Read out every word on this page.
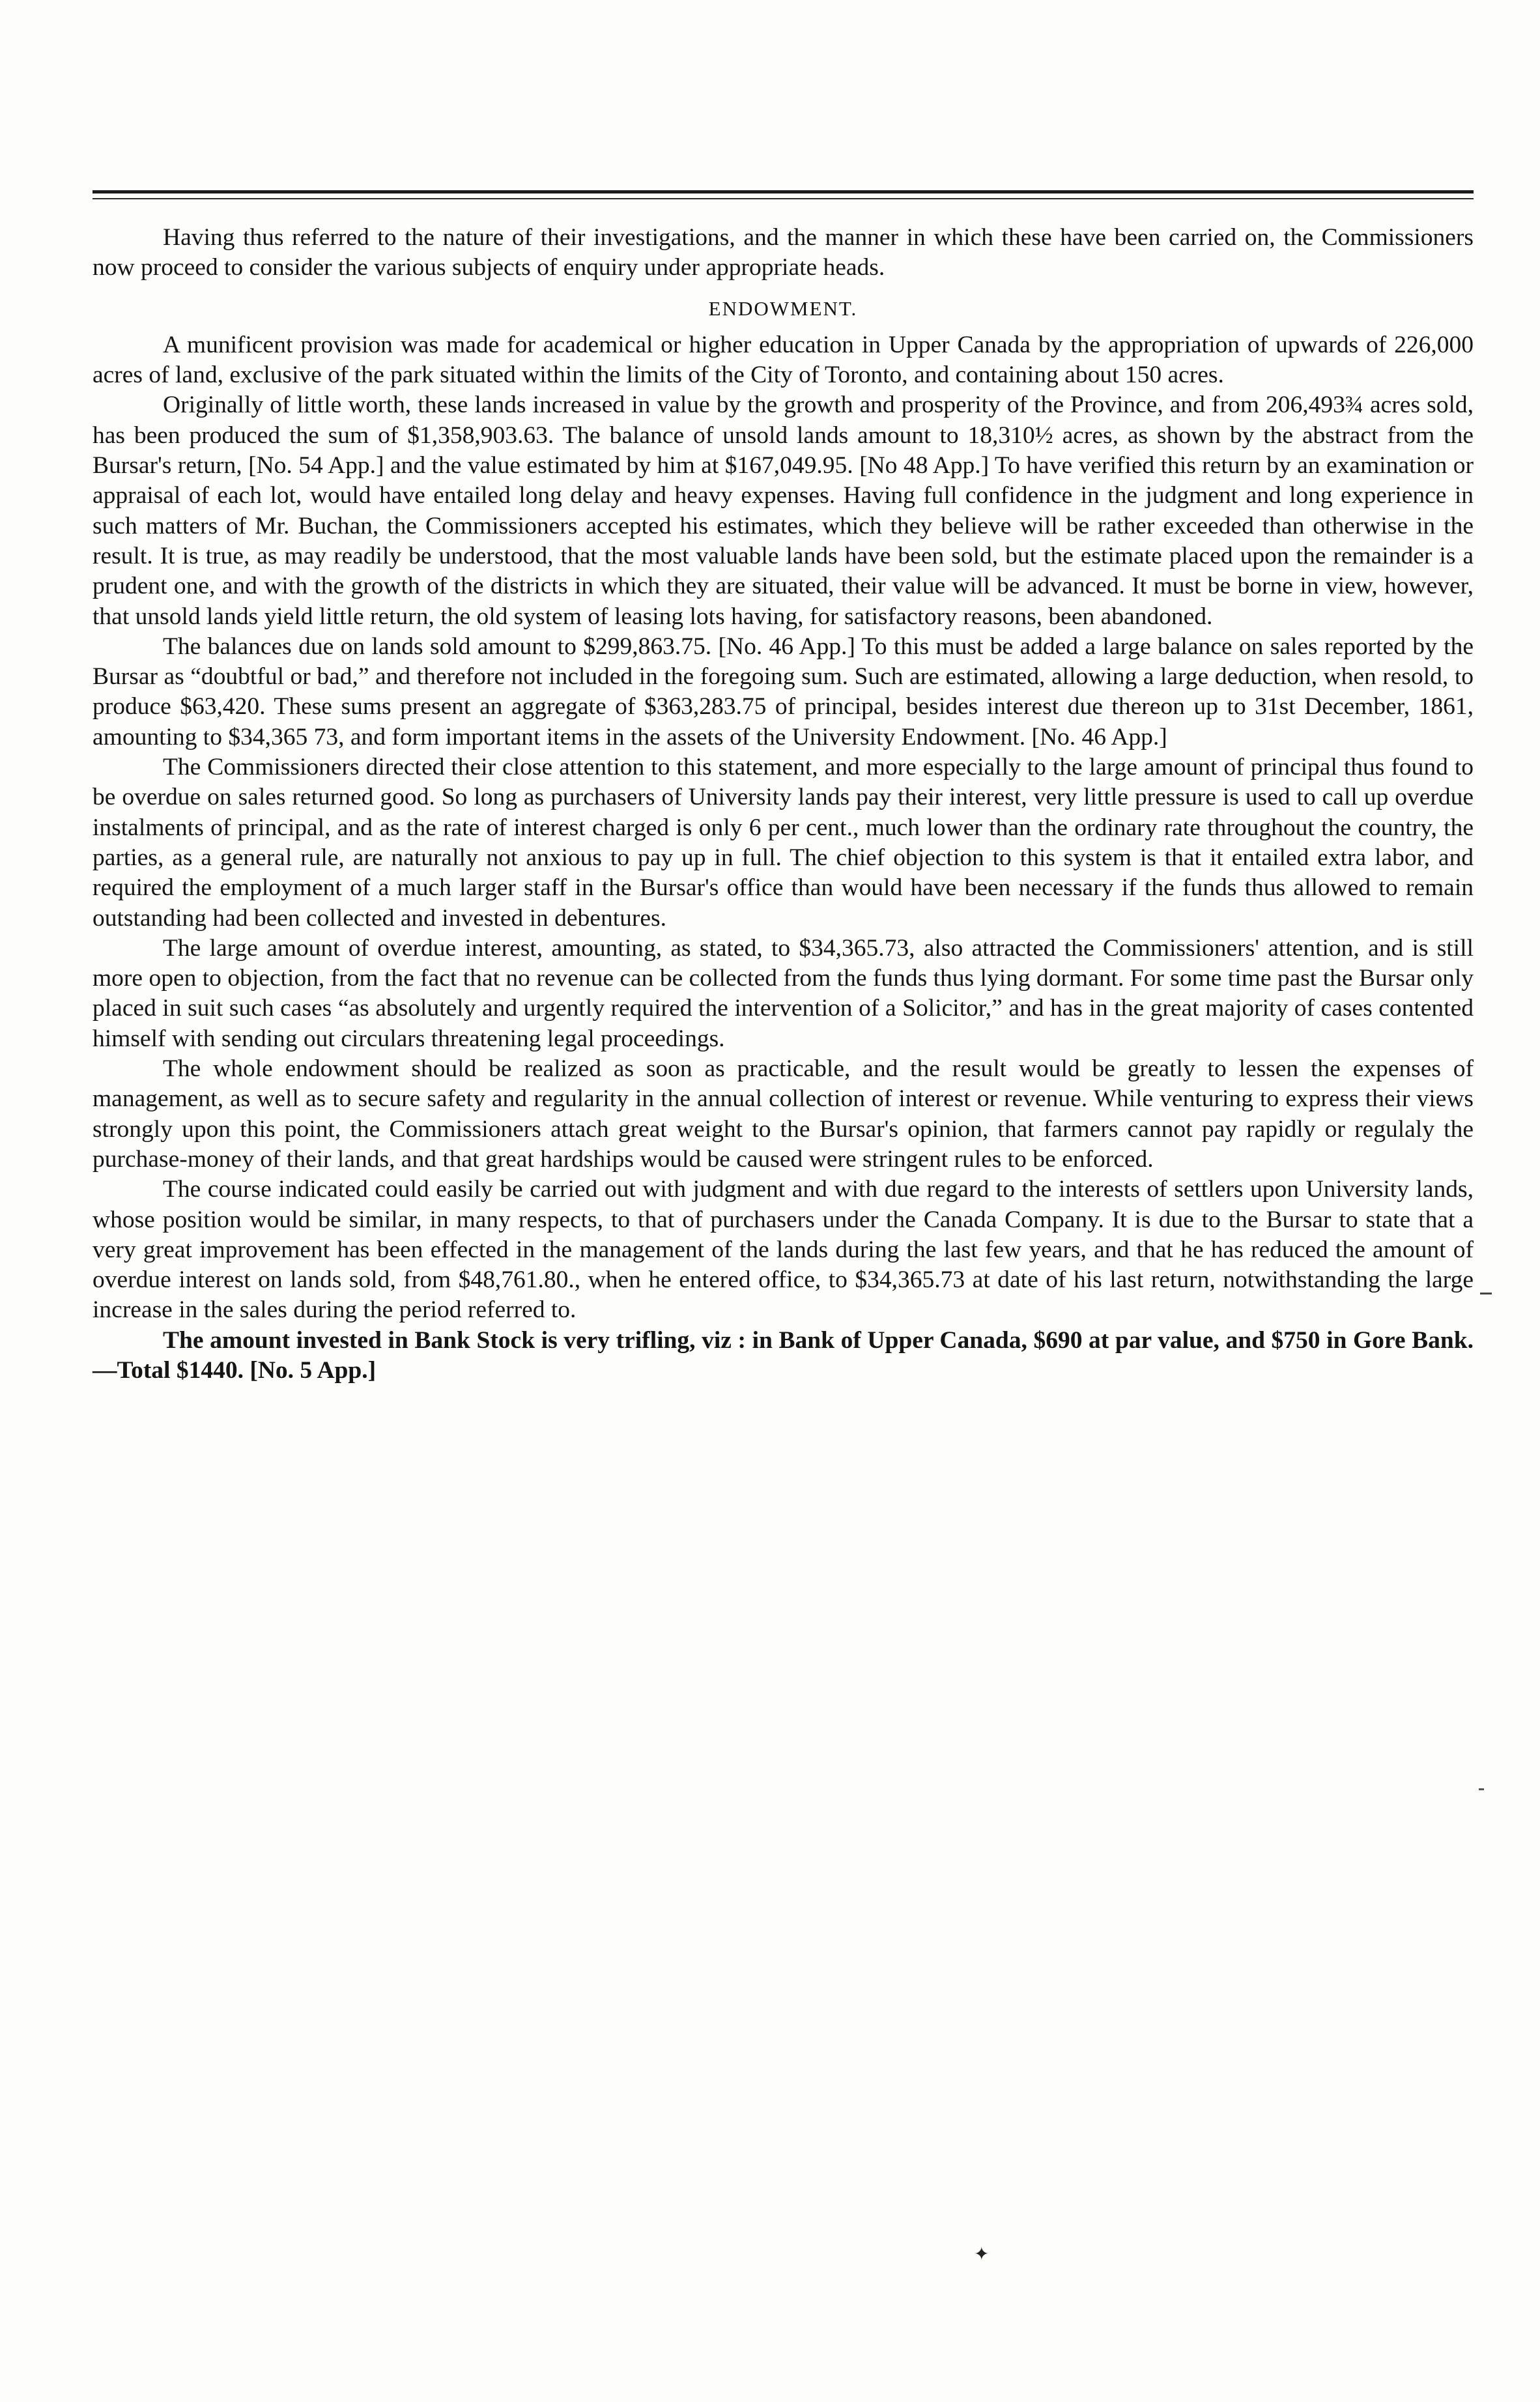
Having thus referred to the nature of their investigations, and the manner in which these have been carried on, the Commissioners now proceed to consider the various subjects of enquiry under appropriate heads.

ENDOWMENT.

A munificent provision was made for academical or higher education in Upper Canada by the appropriation of upwards of 226,000 acres of land, exclusive of the park situated within the limits of the City of Toronto, and containing about 150 acres.

Originally of little worth, these lands increased in value by the growth and prosperity of the Province, and from 206,493¾ acres sold, has been produced the sum of $1,358,903.63. The balance of unsold lands amount to 18,310½ acres, as shown by the abstract from the Bursar's return, [No. 54 App.] and the value estimated by him at $167,049.95. [No 48 App.] To have verified this return by an examination or appraisal of each lot, would have entailed long delay and heavy expenses. Having full confidence in the judgment and long experience in such matters of Mr. Buchan, the Commissioners accepted his estimates, which they believe will be rather exceeded than otherwise in the result. It is true, as may readily be understood, that the most valuable lands have been sold, but the estimate placed upon the remainder is a prudent one, and with the growth of the districts in which they are situated, their value will be advanced. It must be borne in view, however, that unsold lands yield little return, the old system of leasing lots having, for satisfactory reasons, been abandoned.

The balances due on lands sold amount to $299,863.75. [No. 46 App.] To this must be added a large balance on sales reported by the Bursar as “doubtful or bad,” and therefore not included in the foregoing sum. Such are estimated, allowing a large deduction, when resold, to produce $63,420. These sums present an aggregate of $363,283.75 of principal, besides interest due thereon up to 31st December, 1861, amounting to $34,365 73, and form important items in the assets of the University Endowment. [No. 46 App.]

The Commissioners directed their close attention to this statement, and more especially to the large amount of principal thus found to be overdue on sales returned good. So long as purchasers of University lands pay their interest, very little pressure is used to call up overdue instalments of principal, and as the rate of interest charged is only 6 per cent., much lower than the ordinary rate throughout the country, the parties, as a general rule, are naturally not anxious to pay up in full. The chief objection to this system is that it entailed extra labor, and required the employment of a much larger staff in the Bursar's office than would have been necessary if the funds thus allowed to remain outstanding had been collected and invested in debentures.

The large amount of overdue interest, amounting, as stated, to $34,365.73, also attracted the Commissioners' attention, and is still more open to objection, from the fact that no revenue can be collected from the funds thus lying dormant. For some time past the Bursar only placed in suit such cases “as absolutely and urgently required the intervention of a Solicitor,” and has in the great majority of cases contented himself with sending out circulars threatening legal proceedings.

The whole endowment should be realized as soon as practicable, and the result would be greatly to lessen the expenses of management, as well as to secure safety and regularity in the annual collection of interest or revenue. While venturing to express their views strongly upon this point, the Commissioners attach great weight to the Bursar's opinion, that farmers cannot pay rapidly or regulaly the purchase-money of their lands, and that great hardships would be caused were stringent rules to be enforced.

The course indicated could easily be carried out with judgment and with due regard to the interests of settlers upon University lands, whose position would be similar, in many respects, to that of purchasers under the Canada Company. It is due to the Bursar to state that a very great improvement has been effected in the management of the lands during the last few years, and that he has reduced the amount of overdue interest on lands sold, from $48,761.80., when he entered office, to $34,365.73 at date of his last return, notwithstanding the large increase in the sales during the period referred to.

The amount invested in Bank Stock is very trifling, viz : in Bank of Upper Canada, $690 at par value, and $750 in Gore Bank.—Total $1440. [No. 5 App.]

✦
